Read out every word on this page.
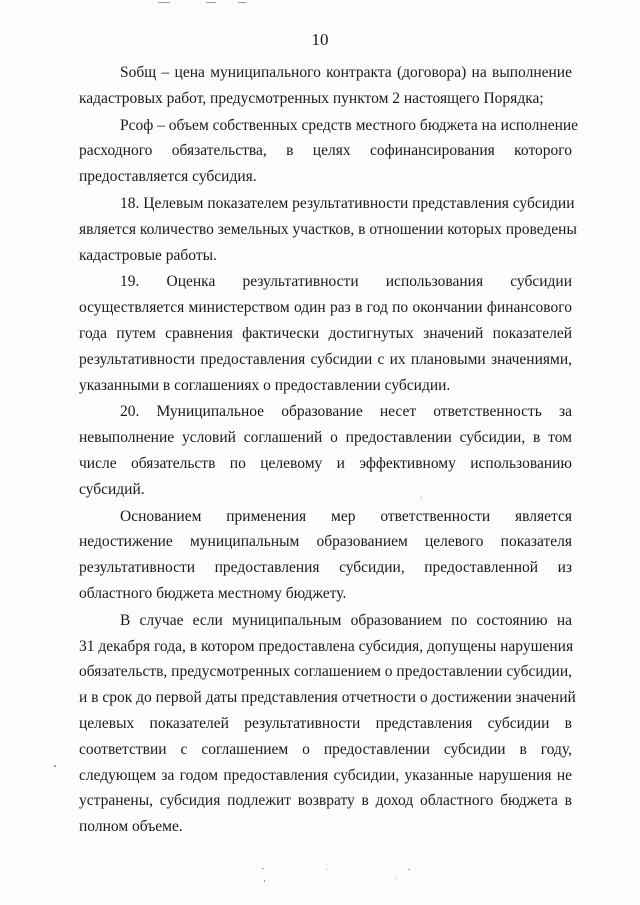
10

Sобщ – цена муниципального контракта (договора) на выполнение
кадастровых работ, предусмотренных пунктом 2 настоящего Порядка;

Pсоф – объем собственных средств местного бюджета на исполнение
расходного обязательства, в целях софинансирования которого
предоставляется субсидия.

18. Целевым показателем результативности представления субсидии
является количество земельных участков, в отношении которых проведены
кадастровые работы.

19. Оценка результативности использования субсидии
осуществляется министерством один раз в год по окончании финансового
года путем сравнения фактически достигнутых значений показателей
результативности предоставления субсидии с их плановыми значениями,
указанными в соглашениях о предоставлении субсидии.

20. Муниципальное образование несет ответственность за
невыполнение условий соглашений о предоставлении субсидии, в том
числе обязательств по целевому и эффективному использованию
субсидий.

Основанием применения мер ответственности является
недостижение муниципальным образованием целевого показателя
результативности предоставления субсидии, предоставленной из
областного бюджета местному бюджету.

В случае если муниципальным образованием по состоянию на
31 декабря года, в котором предоставлена субсидия, допущены нарушения
обязательств, предусмотренных соглашением о предоставлении субсидии,
и в срок до первой даты представления отчетности о достижении значений
целевых показателей результативности представления субсидии в
соответствии с соглашением о предоставлении субсидии в году,
следующем за годом предоставления субсидии, указанные нарушения не
устранены, субсидия подлежит возврату в доход областного бюджета в
полном объеме.
